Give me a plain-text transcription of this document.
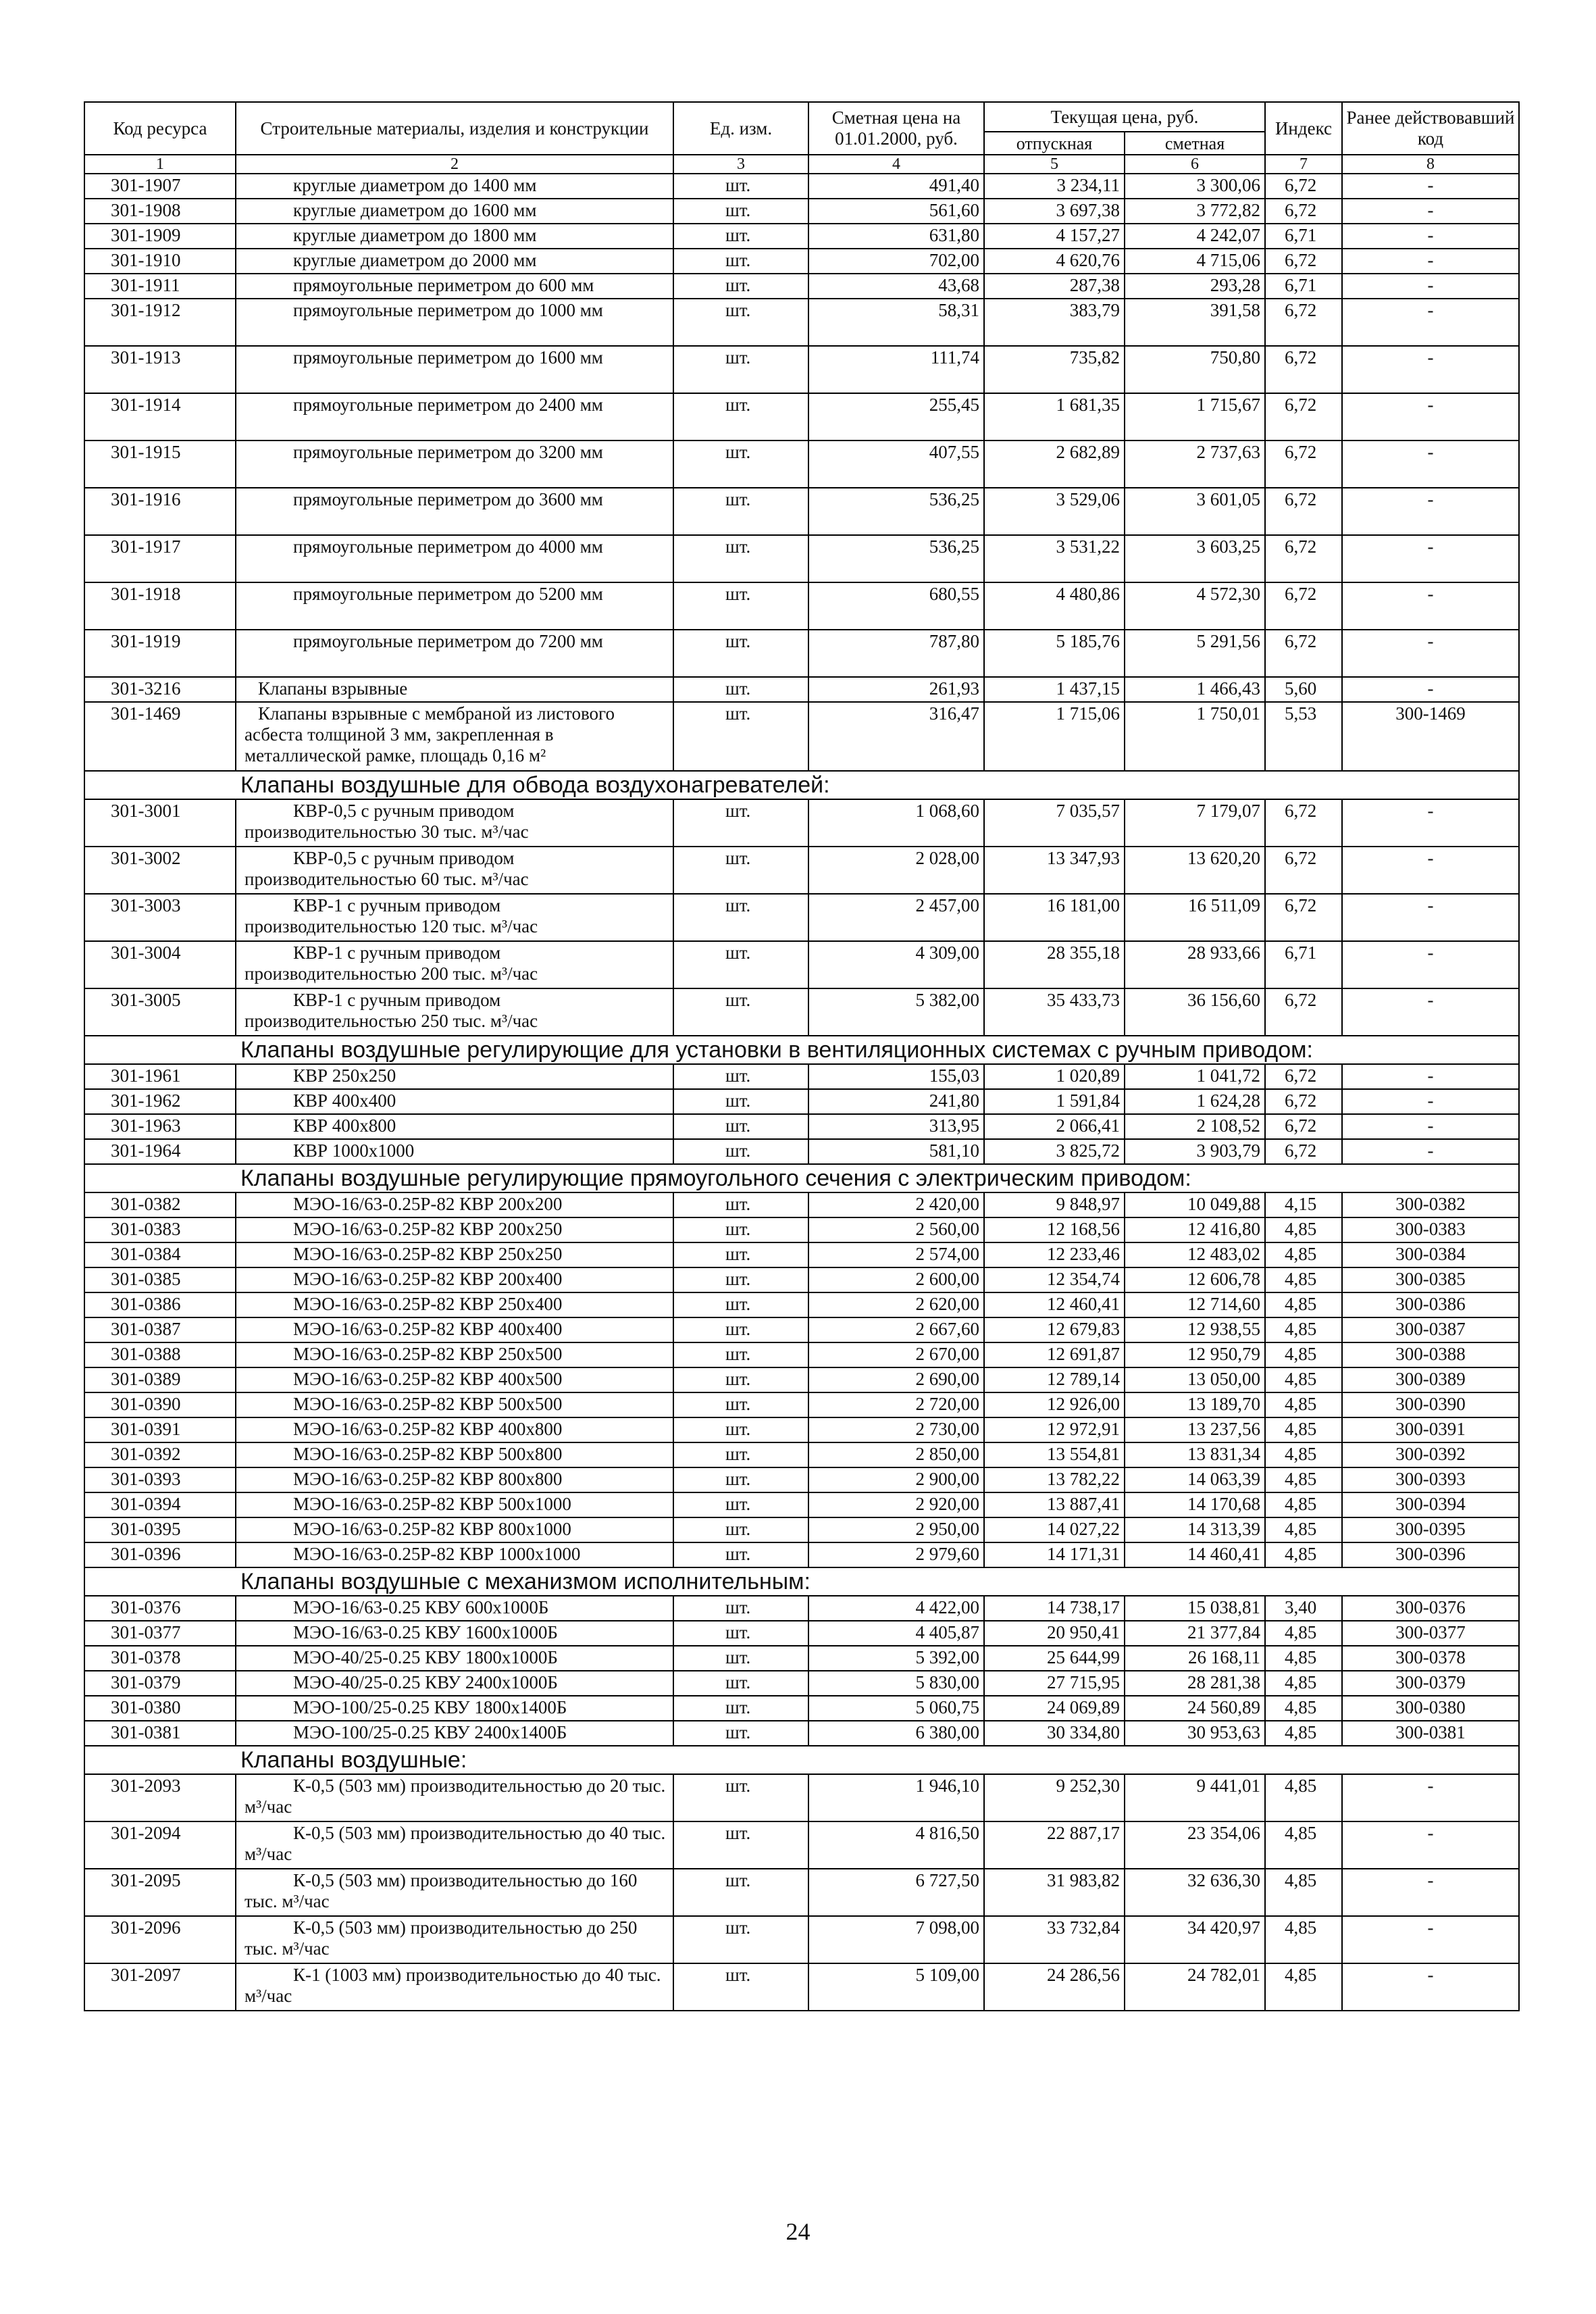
Код ресурса	Строительные материалы, изделия и конструкции	Ед. изм.	Сметная цена на 01.01.2000, руб.	Текущая цена, руб.		Индекс	Ранее действовавший код
				отпускная	сметная		
1	2	3	4	5	6	7	8
301-1907	круглые диаметром до 1400 мм	шт.	491,40	3 234,11	3 300,06	6,72	-
301-1908	круглые диаметром до 1600 мм	шт.	561,60	3 697,38	3 772,82	6,72	-
301-1909	круглые диаметром до 1800 мм	шт.	631,80	4 157,27	4 242,07	6,71	-
301-1910	круглые диаметром до 2000 мм	шт.	702,00	4 620,76	4 715,06	6,72	-
301-1911	прямоугольные периметром до 600 мм	шт.	43,68	287,38	293,28	6,71	-
301-1912	прямоугольные периметром до 1000 мм	шт.	58,31	383,79	391,58	6,72	-
301-1913	прямоугольные периметром до 1600 мм	шт.	111,74	735,82	750,80	6,72	-
301-1914	прямоугольные периметром до 2400 мм	шт.	255,45	1 681,35	1 715,67	6,72	-
301-1915	прямоугольные периметром до 3200 мм	шт.	407,55	2 682,89	2 737,63	6,72	-
301-1916	прямоугольные периметром до 3600 мм	шт.	536,25	3 529,06	3 601,05	6,72	-
301-1917	прямоугольные периметром до 4000 мм	шт.	536,25	3 531,22	3 603,25	6,72	-
301-1918	прямоугольные периметром до 5200 мм	шт.	680,55	4 480,86	4 572,30	6,72	-
301-1919	прямоугольные периметром до 7200 мм	шт.	787,80	5 185,76	5 291,56	6,72	-
301-3216	Клапаны взрывные	шт.	261,93	1 437,15	1 466,43	5,60	-
301-1469	Клапаны взрывные с мембраной из листового асбеста толщиной 3 мм, закрепленная в металлической рамке, площадь 0,16 м²	шт.	316,47	1 715,06	1 750,01	5,53	300-1469
Клапаны воздушные для обвода воздухонагревателей:							
301-3001	КВР-0,5 с ручным приводом производительностью 30 тыс. м³/час	шт.	1 068,60	7 035,57	7 179,07	6,72	-
301-3002	КВР-0,5 с ручным приводом производительностью 60 тыс. м³/час	шт.	2 028,00	13 347,93	13 620,20	6,72	-
301-3003	КВР-1 с ручным приводом производительностью 120 тыс. м³/час	шт.	2 457,00	16 181,00	16 511,09	6,72	-
301-3004	КВР-1 с ручным приводом производительностью 200 тыс. м³/час	шт.	4 309,00	28 355,18	28 933,66	6,71	-
301-3005	КВР-1 с ручным приводом производительностью 250 тыс. м³/час	шт.	5 382,00	35 433,73	36 156,60	6,72	-
Клапаны воздушные регулирующие для установки в вентиляционных системах с ручным приводом:							
301-1961	КВР 250х250	шт.	155,03	1 020,89	1 041,72	6,72	-
301-1962	КВР 400х400	шт.	241,80	1 591,84	1 624,28	6,72	-
301-1963	КВР 400х800	шт.	313,95	2 066,41	2 108,52	6,72	-
301-1964	КВР 1000х1000	шт.	581,10	3 825,72	3 903,79	6,72	-
Клапаны воздушные регулирующие прямоугольного сечения с электрическим приводом:							
301-0382	МЭО-16/63-0.25Р-82 КВР 200х200	шт.	2 420,00	9 848,97	10 049,88	4,15	300-0382
301-0383	МЭО-16/63-0.25Р-82 КВР 200х250	шт.	2 560,00	12 168,56	12 416,80	4,85	300-0383
301-0384	МЭО-16/63-0.25Р-82 КВР 250х250	шт.	2 574,00	12 233,46	12 483,02	4,85	300-0384
301-0385	МЭО-16/63-0.25Р-82 КВР 200х400	шт.	2 600,00	12 354,74	12 606,78	4,85	300-0385
301-0386	МЭО-16/63-0.25Р-82 КВР 250х400	шт.	2 620,00	12 460,41	12 714,60	4,85	300-0386
301-0387	МЭО-16/63-0.25Р-82 КВР 400х400	шт.	2 667,60	12 679,83	12 938,55	4,85	300-0387
301-0388	МЭО-16/63-0.25Р-82 КВР 250х500	шт.	2 670,00	12 691,87	12 950,79	4,85	300-0388
301-0389	МЭО-16/63-0.25Р-82 КВР 400х500	шт.	2 690,00	12 789,14	13 050,00	4,85	300-0389
301-0390	МЭО-16/63-0.25Р-82 КВР 500х500	шт.	2 720,00	12 926,00	13 189,70	4,85	300-0390
301-0391	МЭО-16/63-0.25Р-82 КВР 400х800	шт.	2 730,00	12 972,91	13 237,56	4,85	300-0391
301-0392	МЭО-16/63-0.25Р-82 КВР 500х800	шт.	2 850,00	13 554,81	13 831,34	4,85	300-0392
301-0393	МЭО-16/63-0.25Р-82 КВР 800х800	шт.	2 900,00	13 782,22	14 063,39	4,85	300-0393
301-0394	МЭО-16/63-0.25Р-82 КВР 500х1000	шт.	2 920,00	13 887,41	14 170,68	4,85	300-0394
301-0395	МЭО-16/63-0.25Р-82 КВР 800х1000	шт.	2 950,00	14 027,22	14 313,39	4,85	300-0395
301-0396	МЭО-16/63-0.25Р-82 КВР 1000х1000	шт.	2 979,60	14 171,31	14 460,41	4,85	300-0396
Клапаны воздушные с механизмом исполнительным:							
301-0376	МЭО-16/63-0.25 КВУ 600х1000Б	шт.	4 422,00	14 738,17	15 038,81	3,40	300-0376
301-0377	МЭО-16/63-0.25 КВУ 1600х1000Б	шт.	4 405,87	20 950,41	21 377,84	4,85	300-0377
301-0378	МЭО-40/25-0.25 КВУ 1800х1000Б	шт.	5 392,00	25 644,99	26 168,11	4,85	300-0378
301-0379	МЭО-40/25-0.25 КВУ 2400х1000Б	шт.	5 830,00	27 715,95	28 281,38	4,85	300-0379
301-0380	МЭО-100/25-0.25 КВУ 1800х1400Б	шт.	5 060,75	24 069,89	24 560,89	4,85	300-0380
301-0381	МЭО-100/25-0.25 КВУ 2400х1400Б	шт.	6 380,00	30 334,80	30 953,63	4,85	300-0381
Клапаны воздушные:							
301-2093	К-0,5 (503 мм) производительностью до 20 тыс. м³/час	шт.	1 946,10	9 252,30	9 441,01	4,85	-
301-2094	К-0,5 (503 мм) производительностью до 40 тыс. м³/час	шт.	4 816,50	22 887,17	23 354,06	4,85	-
301-2095	К-0,5 (503 мм) производительностью до 160 тыс. м³/час	шт.	6 727,50	31 983,82	32 636,30	4,85	-
301-2096	К-0,5 (503 мм) производительностью до 250 тыс. м³/час	шт.	7 098,00	33 732,84	34 420,97	4,85	-
301-2097	К-1 (1003 мм) производительностью до 40 тыс. м³/час	шт.	5 109,00	24 286,56	24 782,01	4,85	-
24
